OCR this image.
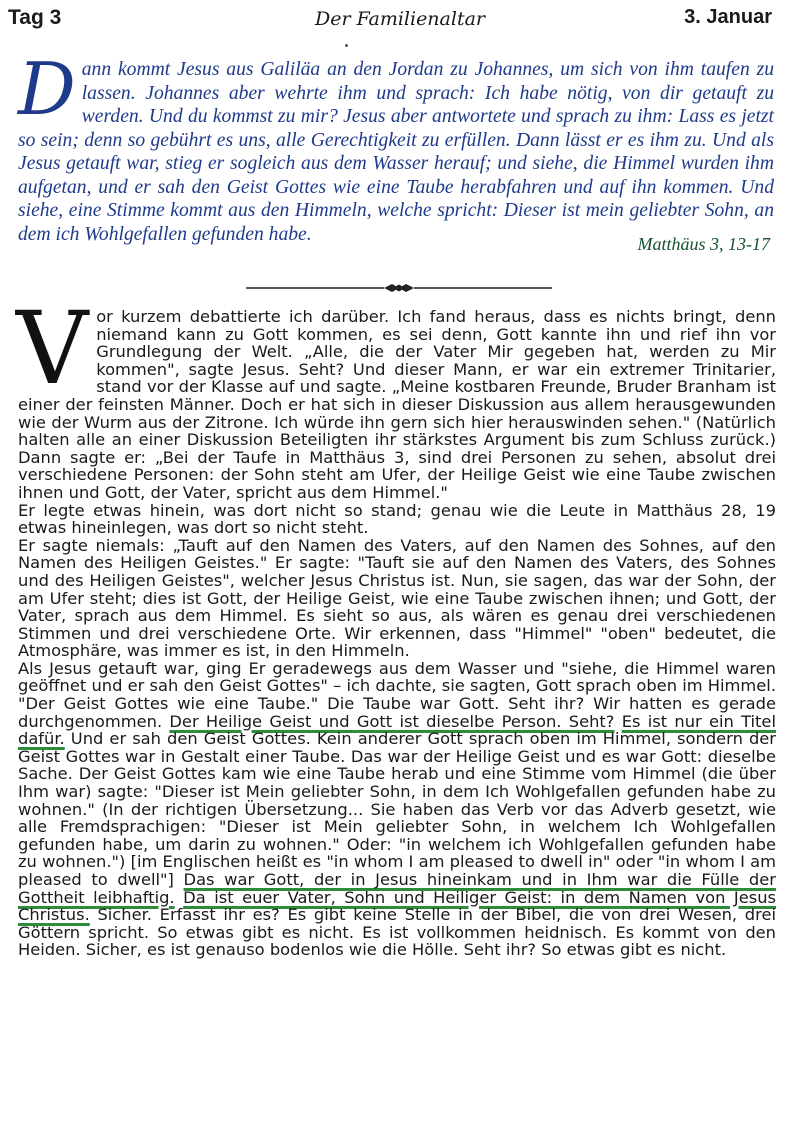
Tag 3	Der Familienaltar	3. Januar
Dann kommt Jesus aus Galiläa an den Jordan zu Johannes, um sich von ihm taufen zu lassen. Johannes aber wehrte ihm und sprach: Ich habe nötig, von dir getauft zu werden. Und du kommst zu mir? Jesus aber antwortete und sprach zu ihm: Lass es jetzt so sein; denn so gebührt es uns, alle Gerechtigkeit zu erfüllen. Dann lässt er es ihm zu. Und als Jesus getauft war, stieg er sogleich aus dem Wasser herauf; und siehe, die Himmel wurden ihm aufgetan, und er sah den Geist Gottes wie eine Taube herabfahren und auf ihn kommen. Und siehe, eine Stimme kommt aus den Himmeln, welche spricht: Dieser ist mein geliebter Sohn, an dem ich Wohlgefallen gefunden habe.	Matthäus 3, 13-17

Vor kurzem debattierte ich darüber. Ich fand heraus, dass es nichts bringt, denn niemand kann zu Gott kommen, es sei denn, Gott kannte ihn und rief ihn vor Grundlegung der Welt. „Alle, die der Vater Mir gegeben hat, werden zu Mir kommen", sagte Jesus. Seht? Und dieser Mann, er war ein extremer Trinitarier, stand vor der Klasse auf und sagte. „Meine kostbaren Freunde, Bruder Branham ist einer der feinsten Männer. Doch er hat sich in dieser Diskussion aus allem herausgewunden wie der Wurm aus der Zitrone. Ich würde ihn gern sich hier herauswinden sehen." (Natürlich halten alle an einer Diskussion Beteiligten ihr stärkstes Argument bis zum Schluss zurück.) Dann sagte er: „Bei der Taufe in Matthäus 3, sind drei Personen zu sehen, absolut drei verschiedene Personen: der Sohn steht am Ufer, der Heilige Geist wie eine Taube zwischen ihnen und Gott, der Vater, spricht aus dem Himmel."

Er legte etwas hinein, was dort nicht so stand; genau wie die Leute in Matthäus 28, 19 etwas hineinlegen, was dort so nicht steht.

Er sagte niemals: „Tauft auf den Namen des Vaters, auf den Namen des Sohnes, auf den Namen des Heiligen Geistes." Er sagte: "Tauft sie auf den Namen des Vaters, des Sohnes und des Heiligen Geistes", welcher Jesus Christus ist. Nun, sie sagen, das war der Sohn, der am Ufer steht; dies ist Gott, der Heilige Geist, wie eine Taube zwischen ihnen; und Gott, der Vater, sprach aus dem Himmel. Es sieht so aus, als wären es genau drei verschiedenen Stimmen und drei verschiedene Orte. Wir erkennen, dass "Himmel" "oben" bedeutet, die Atmosphäre, was immer es ist, in den Himmeln.

Als Jesus getauft war, ging Er geradewegs aus dem Wasser und "siehe, die Himmel waren geöffnet und er sah den Geist Gottes" – ich dachte, sie sagten, Gott sprach oben im Himmel. "Der Geist Gottes wie eine Taube." Die Taube war Gott. Seht ihr? Wir hatten es gerade durchgenommen. Der Heilige Geist und Gott ist dieselbe Person. Seht? Es ist nur ein Titel dafür. Und er sah den Geist Gottes. Kein anderer Gott sprach oben im Himmel, sondern der Geist Gottes war in Gestalt einer Taube. Das war der Heilige Geist und es war Gott: dieselbe Sache. Der Geist Gottes kam wie eine Taube herab und eine Stimme vom Himmel (die über Ihm war) sagte: "Dieser ist Mein geliebter Sohn, in dem Ich Wohlgefallen gefunden habe zu wohnen." (In der richtigen Übersetzung... Sie haben das Verb vor das Adverb gesetzt, wie alle Fremdsprachigen: "Dieser ist Mein geliebter Sohn, in welchem Ich Wohlgefallen gefunden habe, um darin zu wohnen." Oder: "in welchem ich Wohlgefallen gefunden habe zu wohnen.") [im Englischen heißt es "in whom I am pleased to dwell in" oder "in whom I am pleased to dwell"] Das war Gott, der in Jesus hineinkam und in Ihm war die Fülle der Gottheit leibhaftig. Da ist euer Vater, Sohn und Heiliger Geist: in dem Namen von Jesus Christus. Sicher. Erfasst ihr es? Es gibt keine Stelle in der Bibel, die von drei Wesen, drei Göttern spricht. So etwas gibt es nicht. Es ist vollkommen heidnisch. Es kommt von den Heiden. Sicher, es ist genauso bodenlos wie die Hölle. Seht ihr? So etwas gibt es nicht.
